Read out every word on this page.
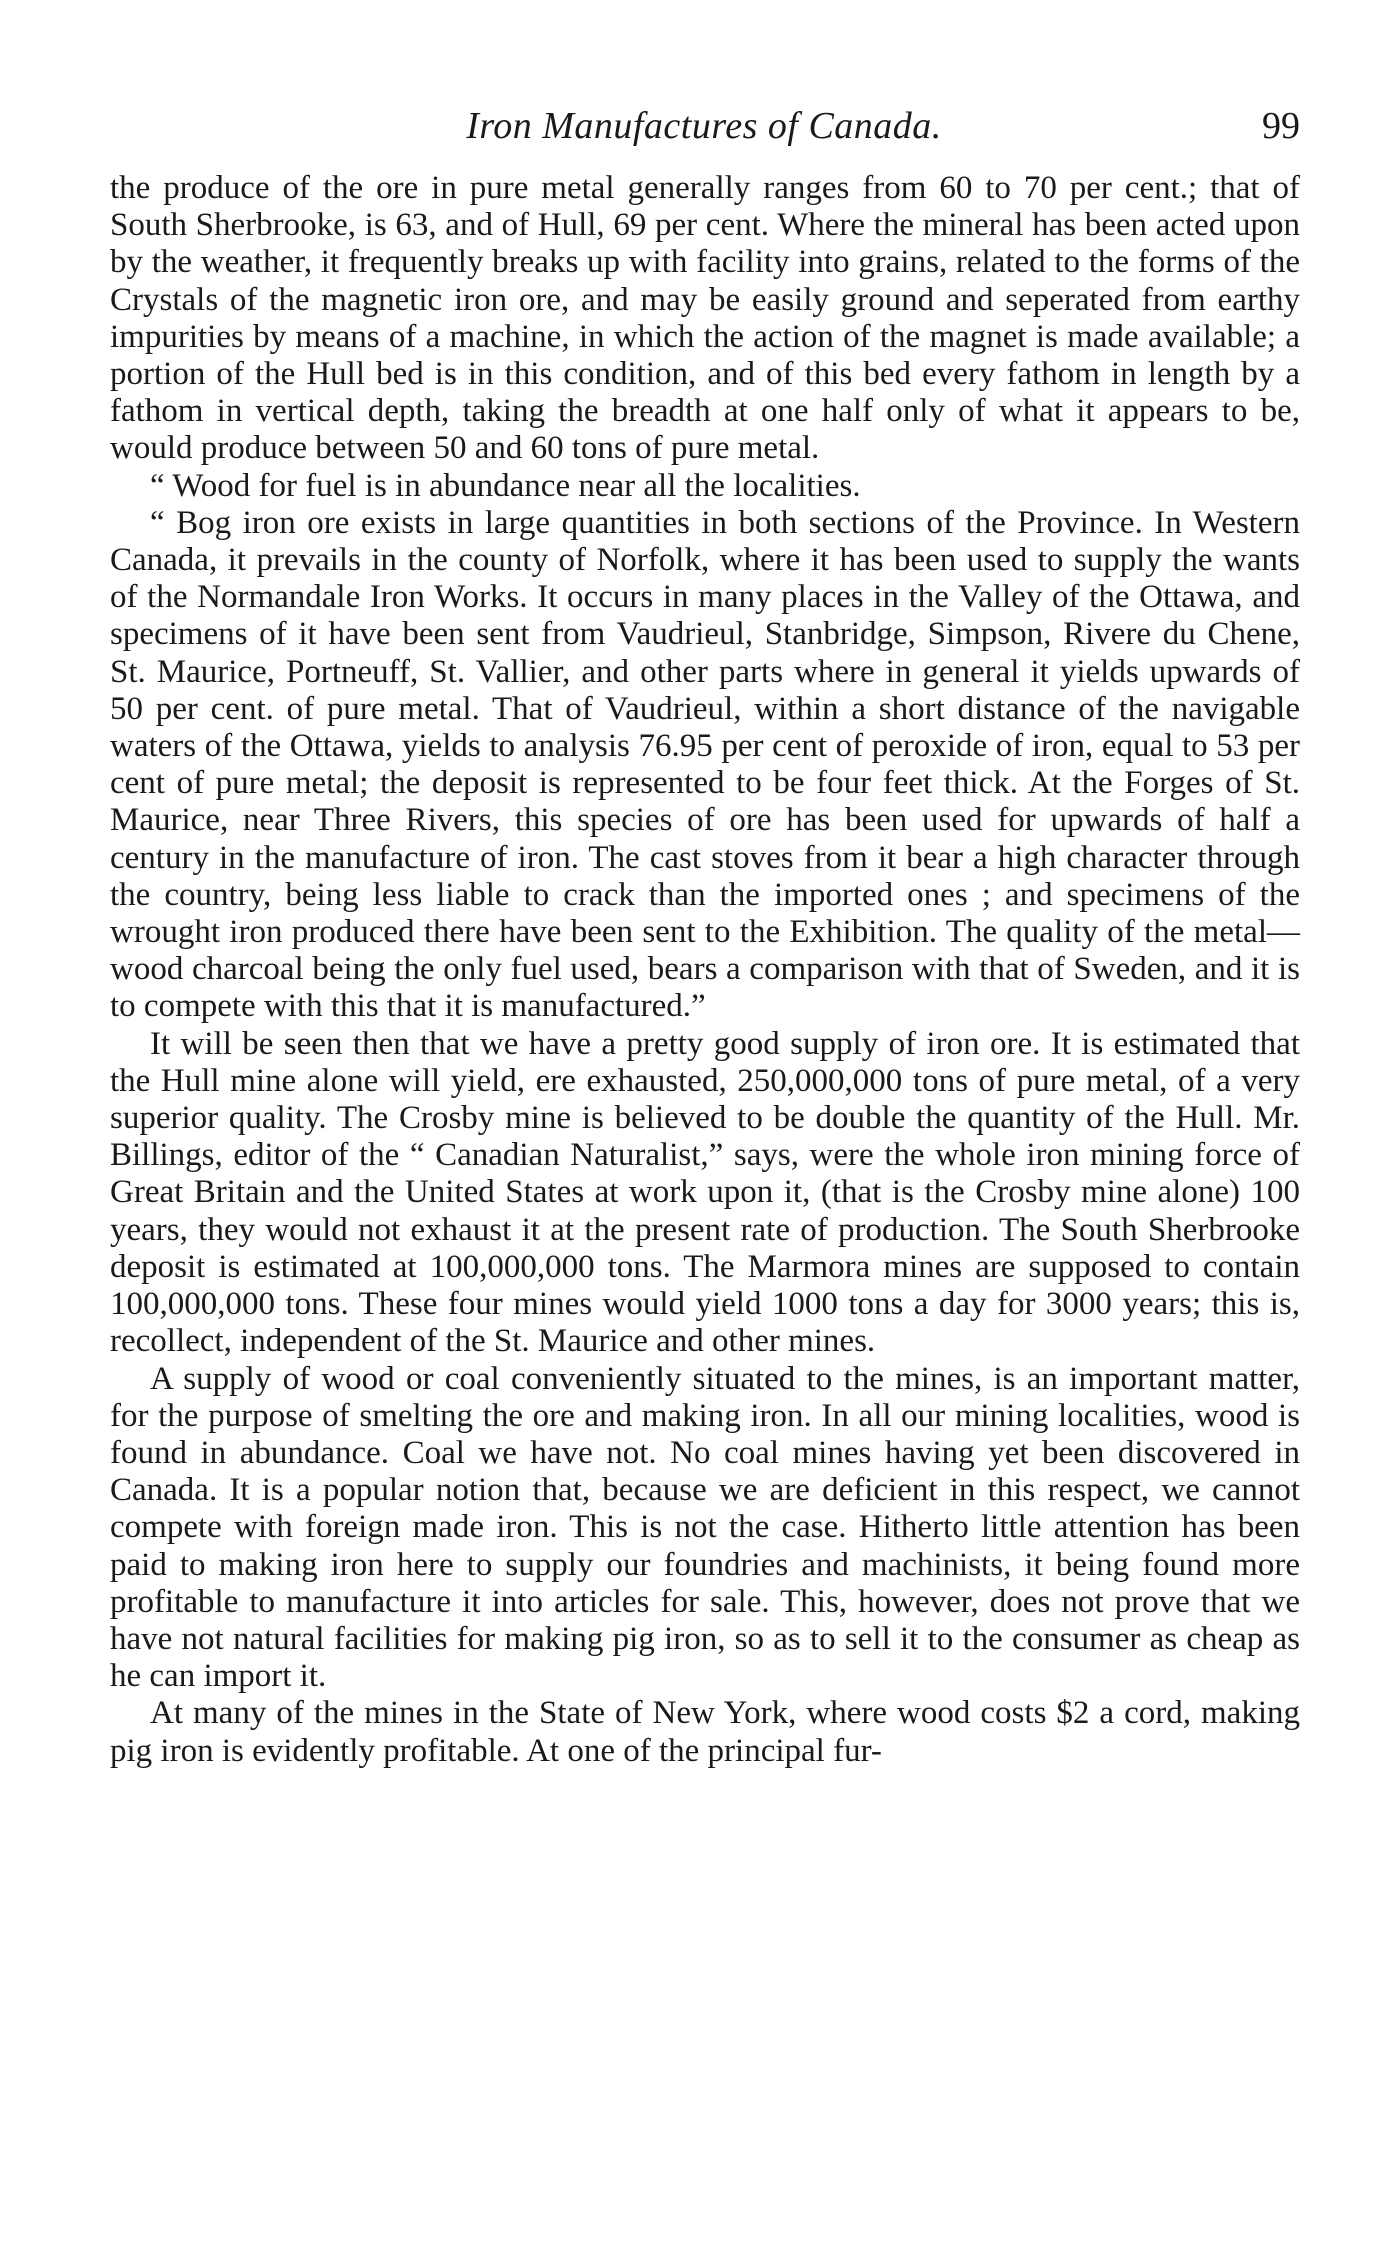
Iron Manufactures of Canada.	99

the produce of the ore in pure metal generally ranges from 60 to 70 per cent.; that of South Sherbrooke, is 63, and of Hull, 69 per cent. Where the mineral has been acted upon by the weather, it frequently breaks up with facility into grains, related to the forms of the Crystals of the magnetic iron ore, and may be easily ground and seperated from earthy impurities by means of a machine, in which the action of the magnet is made available; a portion of the Hull bed is in this condition, and of this bed every fathom in length by a fathom in vertical depth, taking the breadth at one half only of what it appears to be, would produce between 50 and 60 tons of pure metal.

“ Wood for fuel is in abundance near all the localities.

“ Bog iron ore exists in large quantities in both sections of the Province. In Western Canada, it prevails in the county of Norfolk, where it has been used to supply the wants of the Normandale Iron Works. It occurs in many places in the Valley of the Ottawa, and specimens of it have been sent from Vaudrieul, Stanbridge, Simpson, Rivere du Chene, St. Maurice, Portneuff, St. Vallier, and other parts where in general it yields upwards of 50 per cent. of pure metal. That of Vaudrieul, within a short distance of the navigable waters of the Ottawa, yields to analysis 76.95 per cent of peroxide of iron, equal to 53 per cent of pure metal; the deposit is represented to be four feet thick. At the Forges of St. Maurice, near Three Rivers, this species of ore has been used for upwards of half a century in the manufacture of iron. The cast stoves from it bear a high character through the country, being less liable to crack than the imported ones ; and specimens of the wrought iron produced there have been sent to the Exhibition. The quality of the metal—wood charcoal being the only fuel used, bears a comparison with that of Sweden, and it is to compete with this that it is manufactured.”

It will be seen then that we have a pretty good supply of iron ore. It is estimated that the Hull mine alone will yield, ere exhausted, 250,000,000 tons of pure metal, of a very superior quality. The Crosby mine is believed to be double the quantity of the Hull. Mr. Billings, editor of the “ Canadian Naturalist,” says, were the whole iron mining force of Great Britain and the United States at work upon it, (that is the Crosby mine alone) 100 years, they would not exhaust it at the present rate of production. The South Sherbrooke deposit is estimated at 100,000,000 tons. The Marmora mines are supposed to contain 100,000,000 tons. These four mines would yield 1000 tons a day for 3000 years; this is, recollect, independent of the St. Maurice and other mines.

A supply of wood or coal conveniently situated to the mines, is an important matter, for the purpose of smelting the ore and making iron. In all our mining localities, wood is found in abundance. Coal we have not. No coal mines having yet been discovered in Canada. It is a popular notion that, because we are deficient in this respect, we cannot compete with foreign made iron. This is not the case. Hitherto little attention has been paid to making iron here to supply our foundries and machinists, it being found more profitable to manufacture it into articles for sale. This, however, does not prove that we have not natural facilities for making pig iron, so as to sell it to the consumer as cheap as he can import it.

At many of the mines in the State of New York, where wood costs $2 a cord, making pig iron is evidently profitable. At one of the principal fur-
